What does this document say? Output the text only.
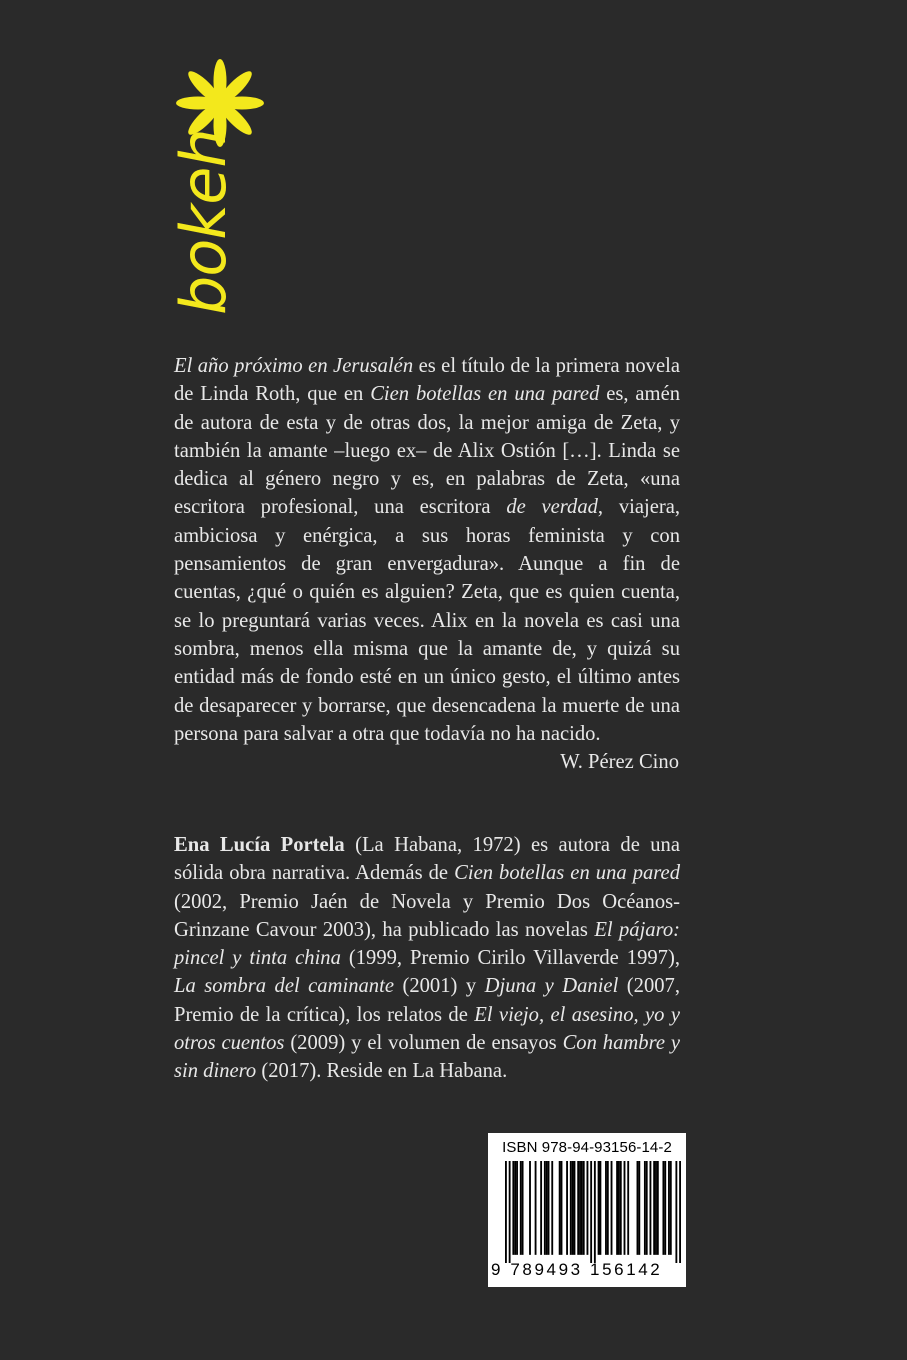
bokeh

El año próximo en Jerusalén es el título de la primera novela de Linda Roth, que en Cien botellas en una pared es, amén de autora de esta y de otras dos, la mejor amiga de Zeta, y también la amante –luego ex– de Alix Ostión […]. Linda se dedica al género negro y es, en palabras de Zeta, «una escritora profesional, una escritora de verdad, viajera, ambiciosa y enérgica, a sus horas feminista y con pensamientos de gran envergadura». Aunque a fin de cuentas, ¿qué o quién es alguien? Zeta, que es quien cuenta, se lo preguntará varias veces. Alix en la novela es casi una sombra, menos ella misma que la amante de, y quizá su entidad más de fondo esté en un único gesto, el último antes de desaparecer y borrarse, que desencadena la muerte de una persona para salvar a otra que todavía no ha nacido.

W. Pérez Cino

Ena Lucía Portela (La Habana, 1972) es autora de una sólida obra narrativa. Además de Cien botellas en una pared (2002, Premio Jaén de Novela y Premio Dos Océanos-Grinzane Cavour 2003), ha publicado las novelas El pájaro: pincel y tinta china (1999, Premio Cirilo Villaverde 1997), La sombra del caminante (2001) y Djuna y Daniel (2007, Premio de la crítica), los relatos de El viejo, el asesino, yo y otros cuentos (2009) y el volumen de ensayos Con hambre y sin dinero (2017). Reside en La Habana.

ISBN 978-94-93156-14-2
9 789493 156142
